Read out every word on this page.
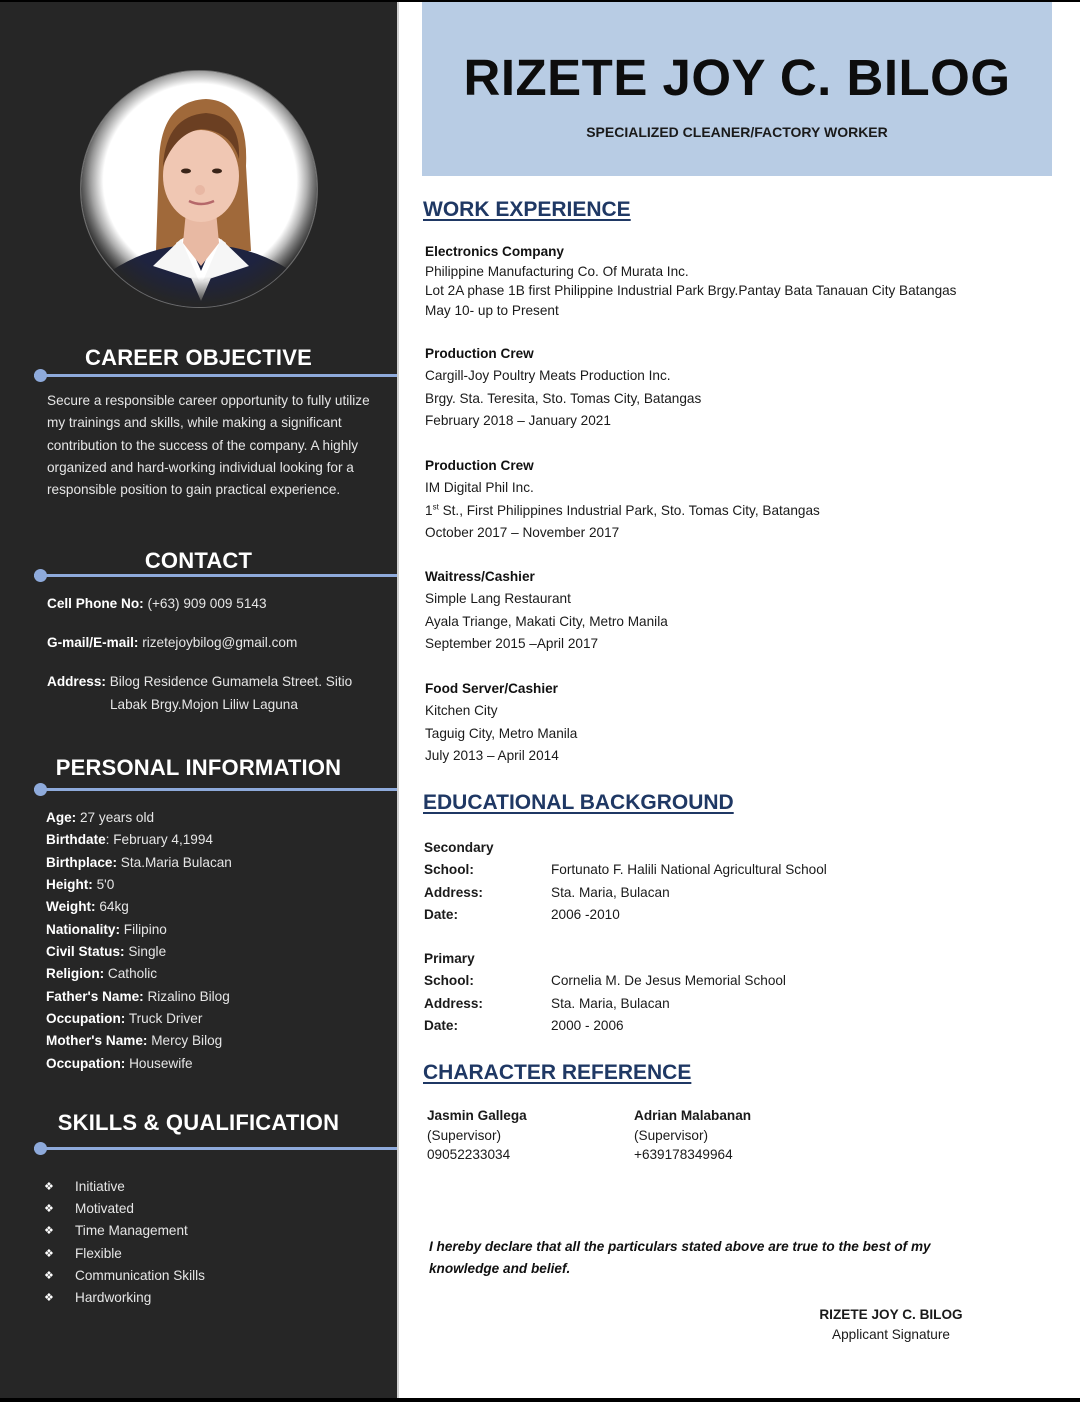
CAREER OBJECTIVE

Secure a responsible career opportunity to fully utilize my trainings and skills, while making a significant contribution to the success of the company. A highly organized and hard-working individual looking for a responsible position to gain practical experience.

CONTACT
Cell Phone No: (+63) 909 009 5143
G-mail/E-mail: rizetejoybilog@gmail.com
Address: Bilog Residence Gumamela Street. Sitio
Labak Brgy.Mojon Liliw Laguna
PERSONAL INFORMATION
Age: 27 years old
Birthdate: February 4,1994
Birthplace: Sta.Maria Bulacan
Height: 5'0
Weight: 64kg
Nationality: Filipino
Civil Status: Single
Religion: Catholic
Father's Name: Rizalino Bilog
Occupation: Truck Driver
Mother's Name: Mercy Bilog
Occupation: Housewife
SKILLS & QUALIFICATION
❖	Initiative
❖	Motivated
❖	Time Management
❖	Flexible
❖	Communication Skills
❖	Hardworking
RIZETE JOY C. BILOG
SPECIALIZED CLEANER/FACTORY WORKER
WORK EXPERIENCE
Electronics Company
Philippine Manufacturing Co. Of Murata Inc.
Lot 2A phase 1B first Philippine Industrial Park Brgy.Pantay Bata Tanauan City Batangas
May 10- up to Present
Production Crew
Cargill-Joy Poultry Meats Production Inc.
Brgy. Sta. Teresita, Sto. Tomas City, Batangas
February 2018 – January 2021
Production Crew
IM Digital Phil Inc.
1st St., First Philippines Industrial Park, Sto. Tomas City, Batangas
October 2017 – November 2017
Waitress/Cashier
Simple Lang Restaurant
Ayala Triange, Makati City, Metro Manila
September 2015 –April 2017
Food Server/Cashier
Kitchen City
Taguig City, Metro Manila
July 2013 – April 2014
EDUCATIONAL BACKGROUND
Secondary
School:	Fortunato F. Halili National Agricultural School
Address:	Sta. Maria, Bulacan
Date:	2006 -2010
Primary
School:	Cornelia M. De Jesus Memorial School
Address:	Sta. Maria, Bulacan
Date:	2000 - 2006
CHARACTER REFERENCE
Jasmin Gallega
(Supervisor)
09052233034
Adrian Malabanan
(Supervisor)
+639178349964

I hereby declare that all the particulars stated above are true to the best of my knowledge and belief.

RIZETE JOY C. BILOG
Applicant Signature
